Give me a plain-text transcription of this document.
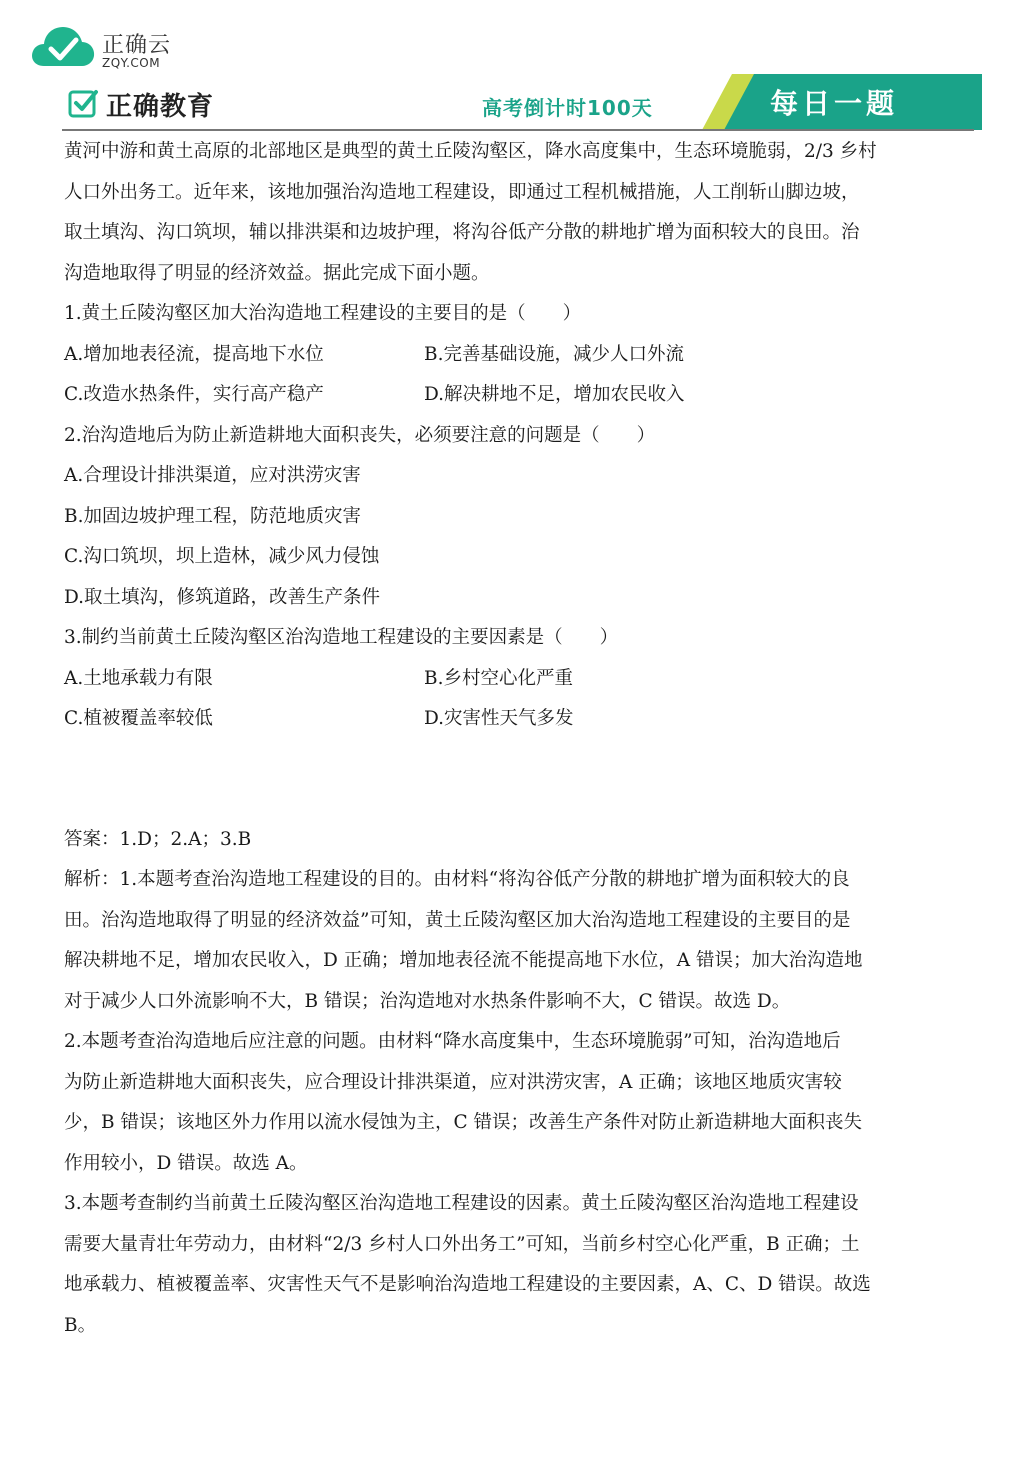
正确云
ZQY.COM
正确教育	高考倒计时100天	每日一题
黄河中游和黄土高原的北部地区是典型的黄土丘陵沟壑区，降水高度集中，生态环境脆弱，2/3 乡村
人口外出务工。近年来，该地加强治沟造地工程建设，即通过工程机械措施，人工削斩山脚边坡，
取土填沟、沟口筑坝，辅以排洪渠和边坡护理，将沟谷低产分散的耕地扩增为面积较大的良田。治
沟造地取得了明显的经济效益。据此完成下面小题。
1.黄土丘陵沟壑区加大治沟造地工程建设的主要目的是（　　）
A.增加地表径流，提高地下水位	B.完善基础设施，减少人口外流
C.改造水热条件，实行高产稳产	D.解决耕地不足，增加农民收入
2.治沟造地后为防止新造耕地大面积丧失，必须要注意的问题是（　　）
A.合理设计排洪渠道，应对洪涝灾害
B.加固边坡护理工程，防范地质灾害
C.沟口筑坝，坝上造林，减少风力侵蚀
D.取土填沟，修筑道路，改善生产条件
3.制约当前黄土丘陵沟壑区治沟造地工程建设的主要因素是（　　）
A.土地承载力有限	B.乡村空心化严重
C.植被覆盖率较低	D.灾害性天气多发
答案：1.D；2.A；3.B
解析：1.本题考查治沟造地工程建设的目的。由材料“将沟谷低产分散的耕地扩增为面积较大的良
田。治沟造地取得了明显的经济效益”可知，黄土丘陵沟壑区加大治沟造地工程建设的主要目的是
解决耕地不足，增加农民收入，D 正确；增加地表径流不能提高地下水位，A 错误；加大治沟造地
对于减少人口外流影响不大，B 错误；治沟造地对水热条件影响不大，C 错误。故选 D。
2.本题考查治沟造地后应注意的问题。由材料“降水高度集中，生态环境脆弱”可知，治沟造地后
为防止新造耕地大面积丧失，应合理设计排洪渠道，应对洪涝灾害，A 正确；该地区地质灾害较
少，B 错误；该地区外力作用以流水侵蚀为主，C 错误；改善生产条件对防止新造耕地大面积丧失
作用较小，D 错误。故选 A。
3.本题考查制约当前黄土丘陵沟壑区治沟造地工程建设的因素。黄土丘陵沟壑区治沟造地工程建设
需要大量青壮年劳动力，由材料“2/3 乡村人口外出务工”可知，当前乡村空心化严重，B 正确；土
地承载力、植被覆盖率、灾害性天气不是影响治沟造地工程建设的主要因素，A、C、D 错误。故选
B。
